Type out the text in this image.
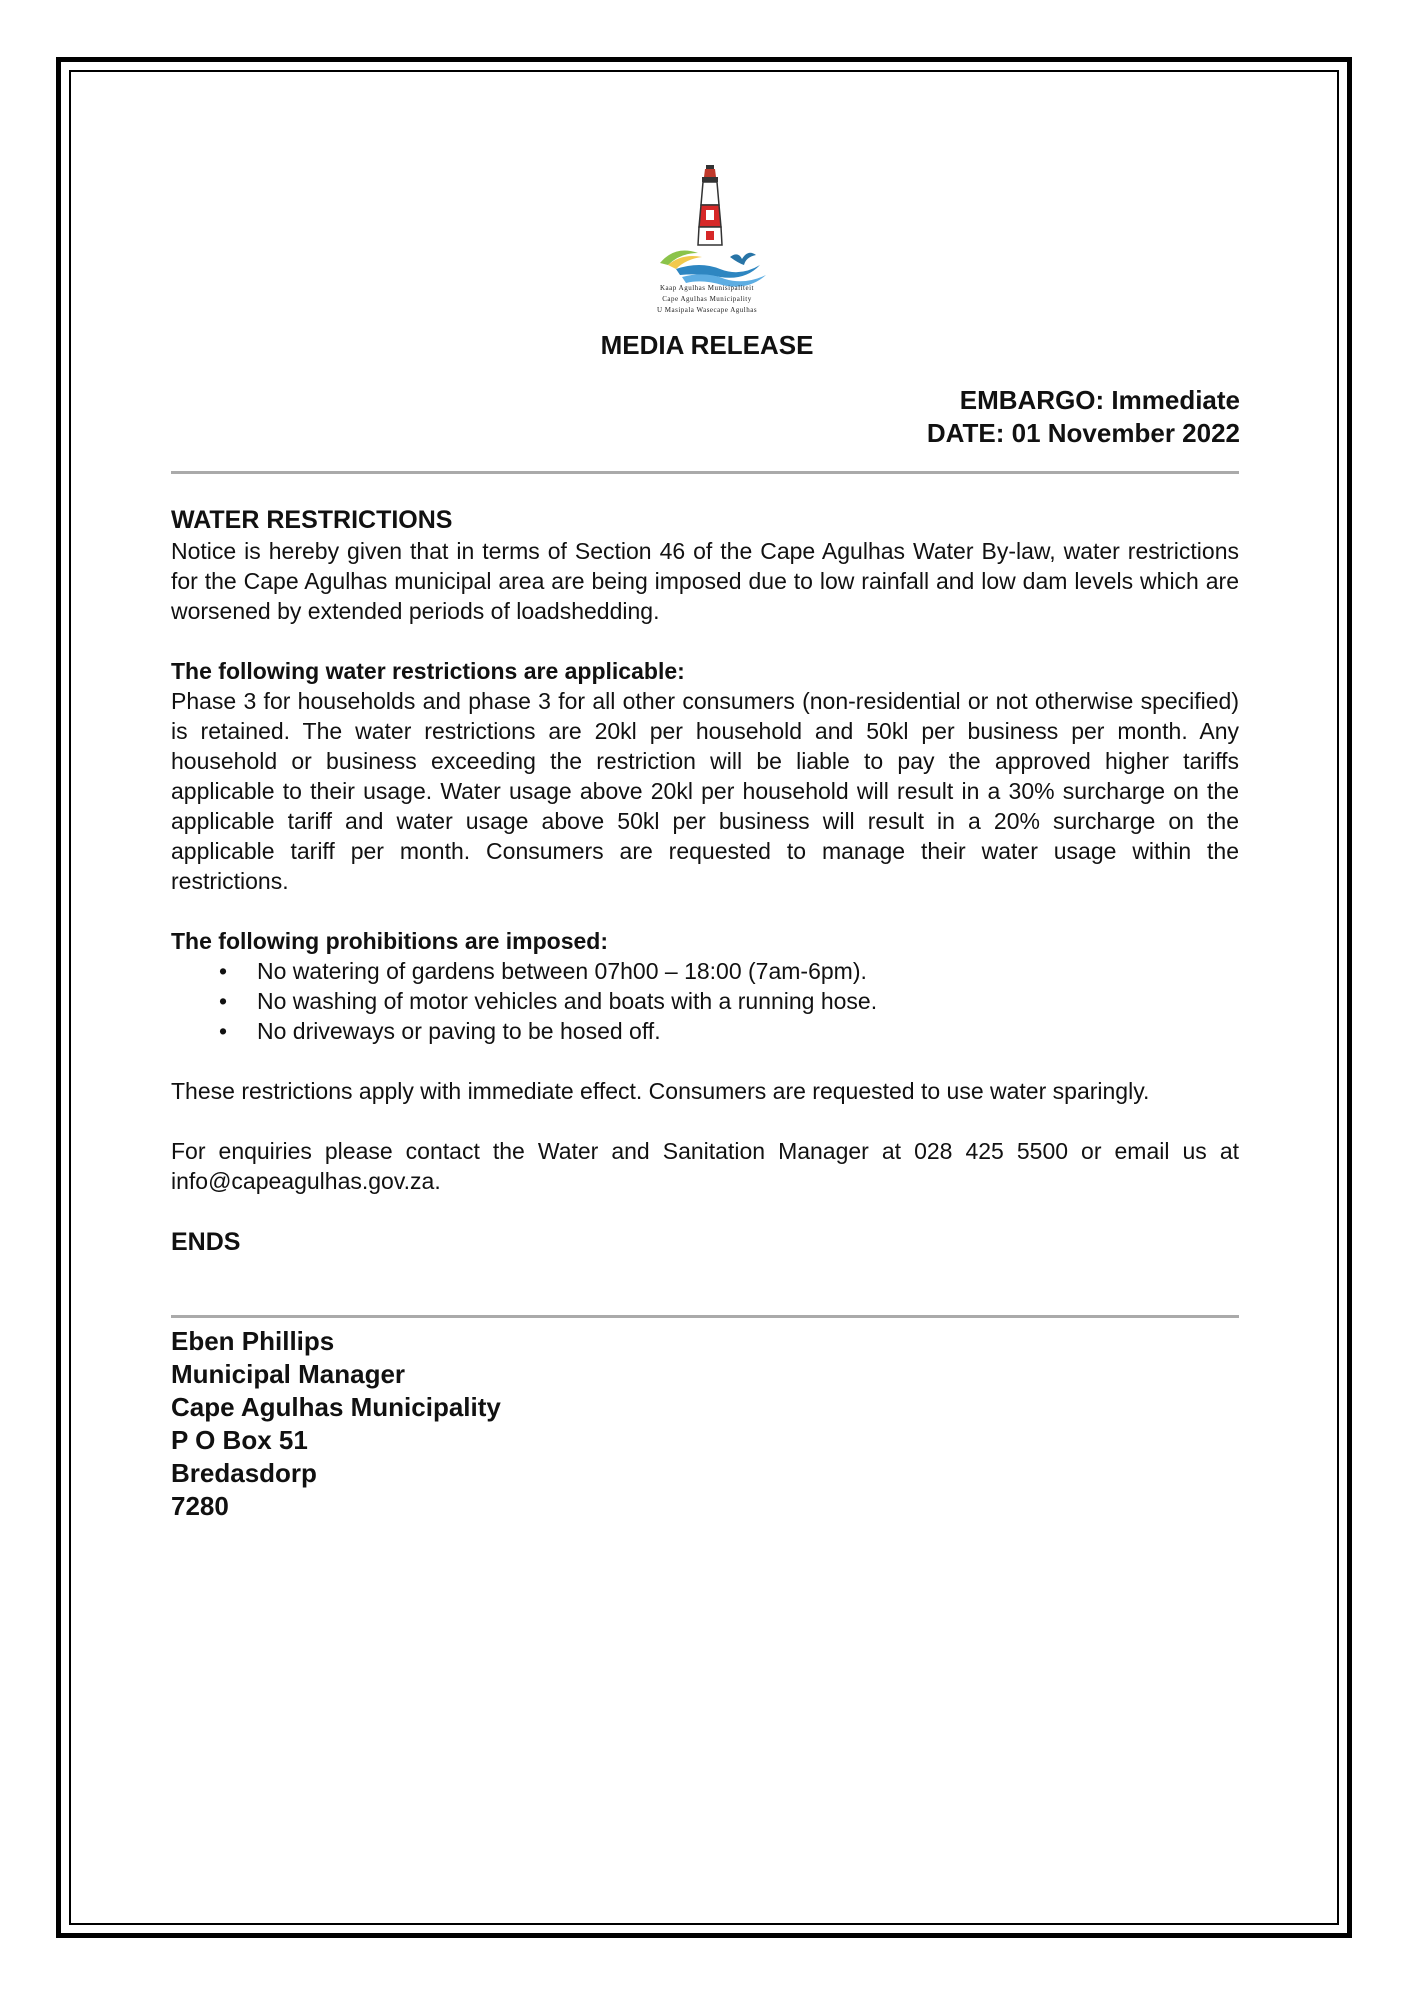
Kaap Agulhas Munisipaliteit
Cape Agulhas Municipality
U Masipala Wasecape Agulhas
MEDIA RELEASE
EMBARGO: Immediate
DATE: 01 November 2022
WATER RESTRICTIONS
Notice is hereby given that in terms of Section 46 of the Cape Agulhas Water By-law, water restrictions for the Cape Agulhas municipal area are being imposed due to low rainfall and low dam levels which are worsened by extended periods of loadshedding.
The following water restrictions are applicable:
Phase 3 for households and phase 3 for all other consumers (non-residential or not otherwise specified) is retained. The water restrictions are 20kl per household and 50kl per business per month. Any household or business exceeding the restriction will be liable to pay the approved higher tariffs applicable to their usage. Water usage above 20kl per household will result in a 30% surcharge on the applicable tariff and water usage above 50kl per business will result in a 20% surcharge on the applicable tariff per month. Consumers are requested to manage their water usage within the restrictions.
The following prohibitions are imposed:
• No watering of gardens between 07h00 – 18:00 (7am-6pm).
• No washing of motor vehicles and boats with a running hose.
• No driveways or paving to be hosed off.
These restrictions apply with immediate effect. Consumers are requested to use water sparingly.
For enquiries please contact the Water and Sanitation Manager at 028 425 5500 or email us at info@capeagulhas.gov.za.
ENDS
Eben Phillips
Municipal Manager
Cape Agulhas Municipality
P O Box 51
Bredasdorp
7280
